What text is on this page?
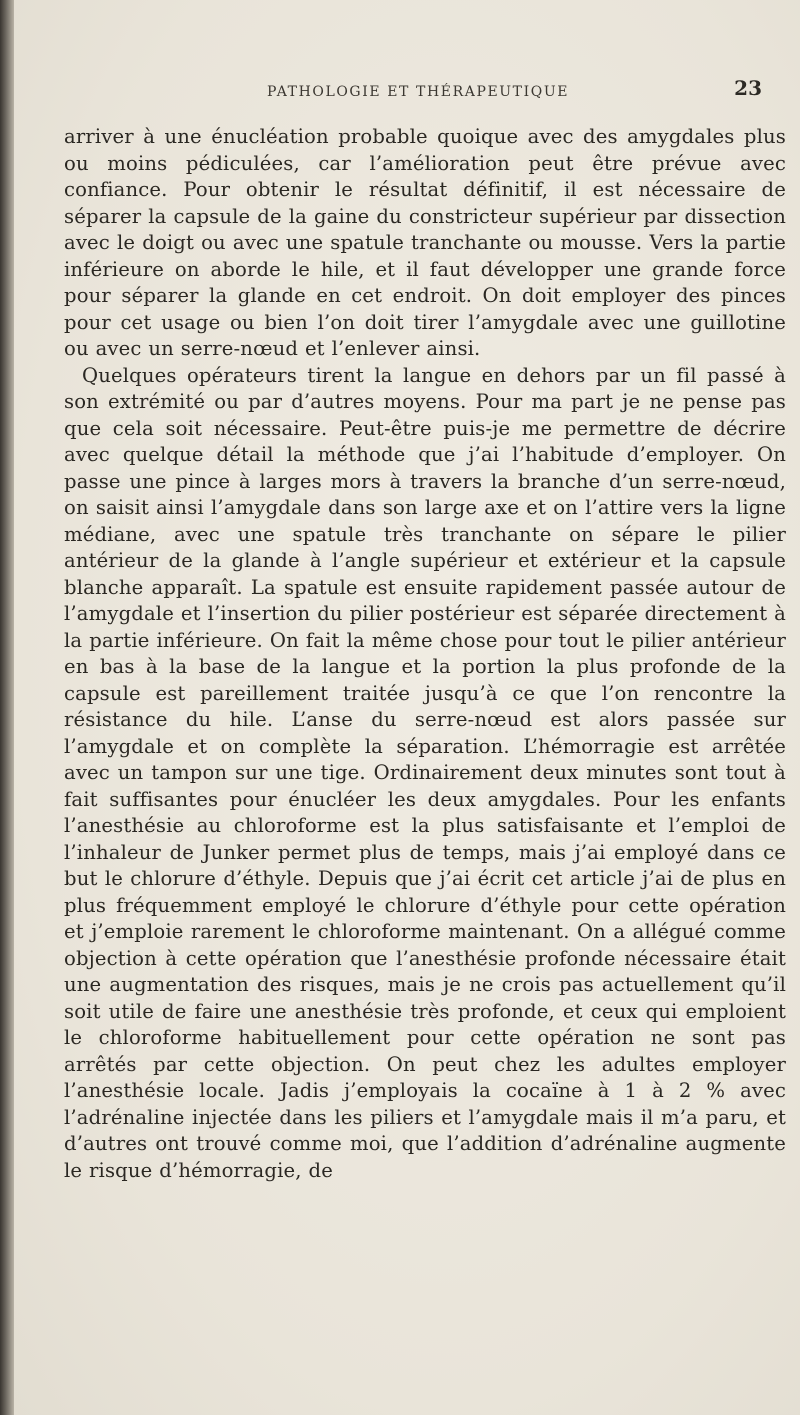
PATHOLOGIE ET THÉRAPEUTIQUE	23

arriver à une énucléation probable quoique avec des amygdales plus ou moins pédiculées, car l’amélioration peut être prévue avec confiance. Pour obtenir le résultat définitif, il est nécessaire de séparer la capsule de la gaine du constricteur supérieur par dissection avec le doigt ou avec une spatule tranchante ou mousse. Vers la partie inférieure on aborde le hile, et il faut développer une grande force pour séparer la glande en cet endroit. On doit employer des pinces pour cet usage ou bien l’on doit tirer l’amygdale avec une guillotine ou avec un serre-nœud et l’enlever ainsi.

Quelques opérateurs tirent la langue en dehors par un fil passé à son extrémité ou par d’autres moyens. Pour ma part je ne pense pas que cela soit nécessaire. Peut-être puis-je me permettre de décrire avec quelque détail la méthode que j’ai l’habitude d’employer. On passe une pince à larges mors à travers la branche d’un serre-nœud, on saisit ainsi l’amygdale dans son large axe et on l’attire vers la ligne médiane, avec une spatule très tranchante on sépare le pilier antérieur de la glande à l’angle supérieur et extérieur et la capsule blanche apparaît. La spatule est ensuite rapidement passée autour de l’amygdale et l’insertion du pilier postérieur est séparée directement à la partie inférieure. On fait la même chose pour tout le pilier antérieur en bas à la base de la langue et la portion la plus profonde de la capsule est pareillement traitée jusqu’à ce que l’on rencontre la résistance du hile. L’anse du serre-nœud est alors passée sur l’amygdale et on complète la séparation. L’hémorragie est arrêtée avec un tampon sur une tige. Ordinairement deux minutes sont tout à fait suffisantes pour énucléer les deux amygdales. Pour les enfants l’anesthésie au chloroforme est la plus satisfaisante et l’emploi de l’inhaleur de Junker permet plus de temps, mais j’ai employé dans ce but le chlorure d’éthyle. Depuis que j’ai écrit cet article j’ai de plus en plus fréquemment employé le chlorure d’éthyle pour cette opération et j’emploie rarement le chloroforme maintenant. On a allégué comme objection à cette opération que l’anesthésie profonde nécessaire était une augmentation des risques, mais je ne crois pas actuellement qu’il soit utile de faire une anesthésie très profonde, et ceux qui emploient le chloroforme habituellement pour cette opération ne sont pas arrêtés par cette objection. On peut chez les adultes employer l’anesthésie locale. Jadis j’employais la cocaïne à 1 à 2 % avec l’adrénaline injectée dans les piliers et l’amygdale mais il m’a paru, et d’autres ont trouvé comme moi, que l’addition d’adrénaline augmente le risque d’hémorragie, de
